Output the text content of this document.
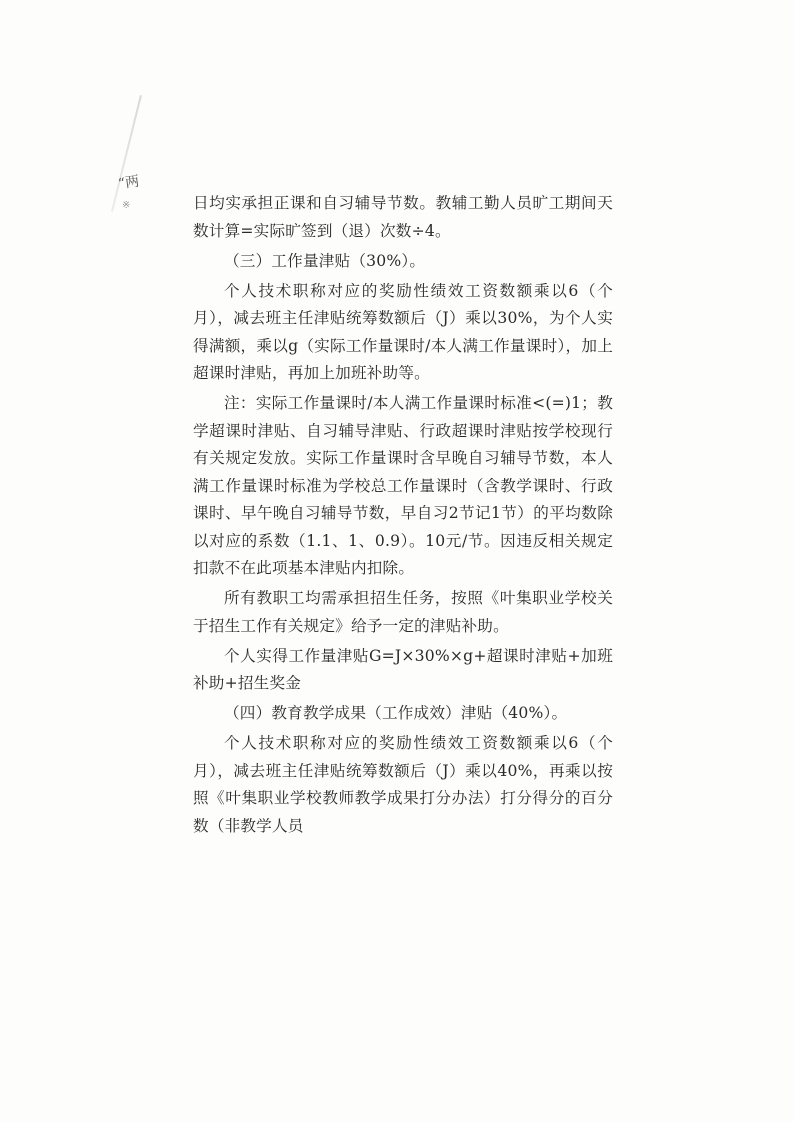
“两
※	日均实承担正课和自习辅导节数。教辅工勤人员旷工期间天数计算=实际旷签到（退）次数÷4。

（三）工作量津贴（30%）。

个人技术职称对应的奖励性绩效工资数额乘以6（个月），减去班主任津贴统筹数额后（J）乘以30%，为个人实得满额，乘以g（实际工作量课时/本人满工作量课时），加上超课时津贴，再加上加班补助等。

注：实际工作量课时/本人满工作量课时标准<(=)1；教学超课时津贴、自习辅导津贴、行政超课时津贴按学校现行有关规定发放。实际工作量课时含早晚自习辅导节数，本人满工作量课时标准为学校总工作量课时（含教学课时、行政课时、早午晚自习辅导节数，早自习2节记1节）的平均数除以对应的系数（1.1、1、0.9）。10元/节。因违反相关规定扣款不在此项基本津贴内扣除。

所有教职工均需承担招生任务，按照《叶集职业学校关于招生工作有关规定》给予一定的津贴补助。

个人实得工作量津贴G=J×30%×g+超课时津贴+加班补助+招生奖金

（四）教育教学成果（工作成效）津贴（40%）。

个人技术职称对应的奖励性绩效工资数额乘以6（个月），减去班主任津贴统筹数额后（J）乘以40%，再乘以按照《叶集职业学校教师教学成果打分办法）打分得分的百分数（非教学人员
